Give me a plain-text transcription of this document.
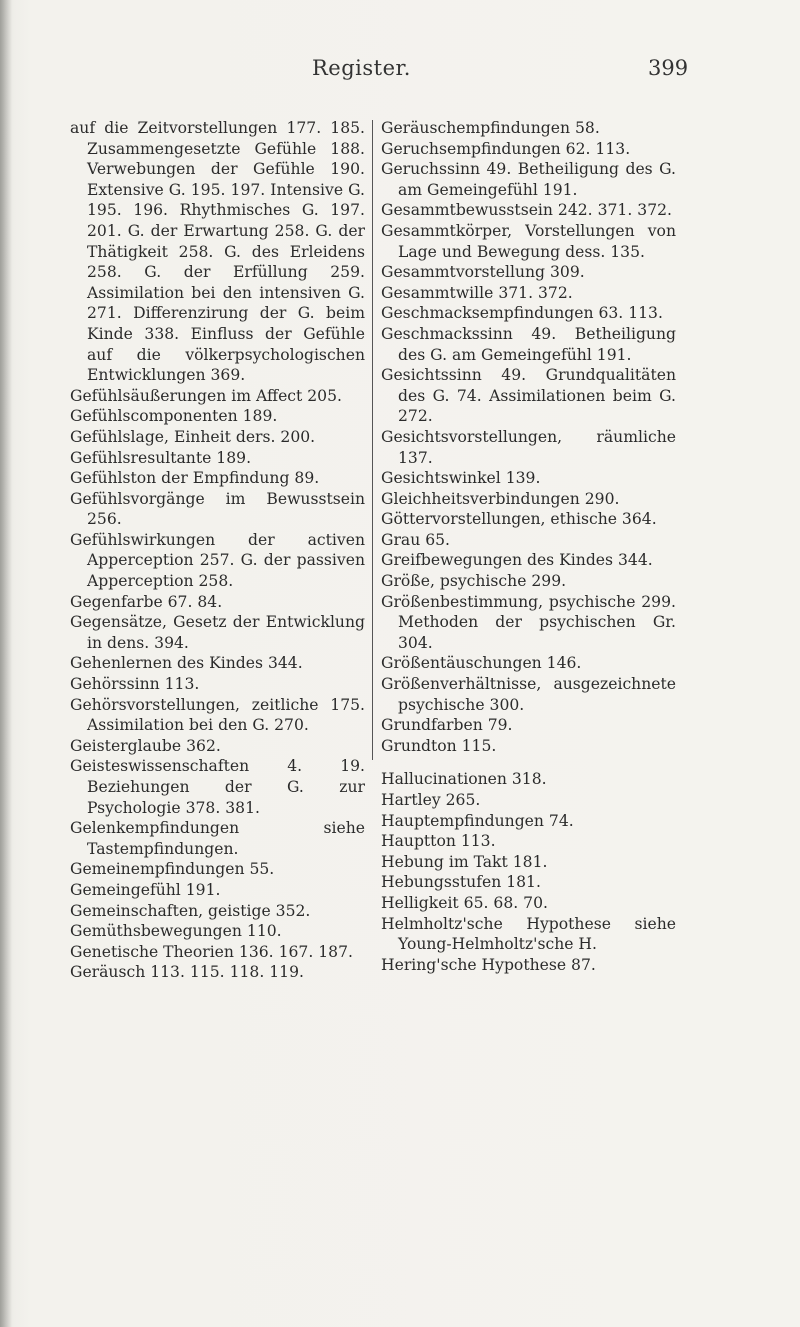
Register.	399

auf die Zeitvorstellungen 177. 185. Zusammengesetzte Gefühle 188. Verwebungen der Gefühle 190. Extensive G. 195. 197. Intensive G. 195. 196. Rhythmisches G. 197. 201. G. der Erwartung 258. G. der Thätigkeit 258. G. des Erleidens 258. G. der Erfüllung 259. Assimilation bei den intensiven G. 271. Differenzirung der G. beim Kinde 338. Einfluss der Gefühle auf die völkerpsychologischen Entwicklungen 369.

Gefühlsäußerungen im Affect 205.

Gefühlscomponenten 189.

Gefühlslage, Einheit ders. 200.

Gefühlsresultante 189.

Gefühlston der Empfindung 89.

Gefühlsvorgänge im Bewusstsein 256.

Gefühlswirkungen der activen Apperception 257. G. der passiven Apperception 258.

Gegenfarbe 67. 84.

Gegensätze, Gesetz der Entwicklung in dens. 394.

Gehenlernen des Kindes 344.

Gehörssinn 113.

Gehörsvorstellungen, zeitliche 175. Assimilation bei den G. 270.

Geisterglaube 362.

Geisteswissenschaften 4. 19. Beziehungen der G. zur Psychologie 378. 381.

Gelenkempfindungen siehe Tastempfindungen.

Gemeinempfindungen 55.

Gemeingefühl 191.

Gemeinschaften, geistige 352.

Gemüthsbewegungen 110.

Genetische Theorien 136. 167. 187.

Geräusch 113. 115. 118. 119.

Geräuschempfindungen 58.

Geruchsempfindungen 62. 113.

Geruchssinn 49. Betheiligung des G. am Gemeingefühl 191.

Gesammtbewusstsein 242. 371. 372.

Gesammtkörper, Vorstellungen von Lage und Bewegung dess. 135.

Gesammtvorstellung 309.

Gesammtwille 371. 372.

Geschmacksempfindungen 63. 113.

Geschmackssinn 49. Betheiligung des G. am Gemeingefühl 191.

Gesichtssinn 49. Grundqualitäten des G. 74. Assimilationen beim G. 272.

Gesichtsvorstellungen, räumliche 137.

Gesichtswinkel 139.

Gleichheitsverbindungen 290.

Göttervorstellungen, ethische 364.

Grau 65.

Greifbewegungen des Kindes 344.

Größe, psychische 299.

Größenbestimmung, psychische 299. Methoden der psychischen Gr. 304.

Größentäuschungen 146.

Größenverhältnisse, ausgezeichnete psychische 300.

Grundfarben 79.

Grundton 115.

Hallucinationen 318.

Hartley 265.

Hauptempfindungen 74.

Hauptton 113.

Hebung im Takt 181.

Hebungsstufen 181.

Helligkeit 65. 68. 70.

Helmholtz'sche Hypothese siehe Young-Helmholtz'sche H.

Hering'sche Hypothese 87.
